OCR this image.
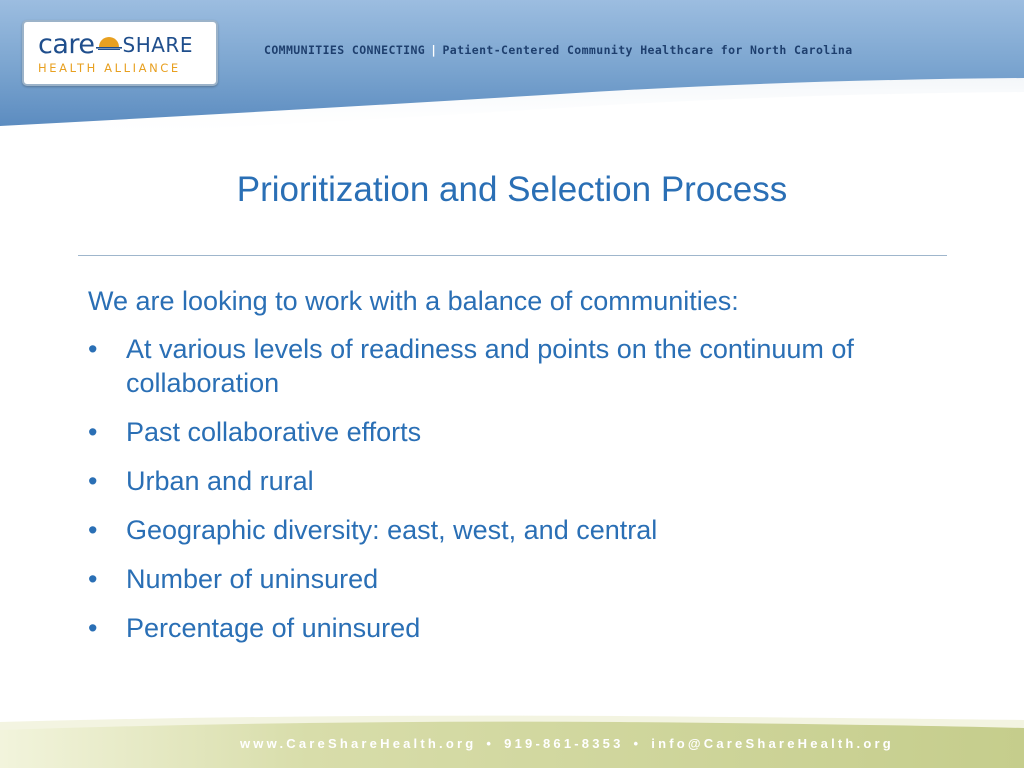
care SHARE
HEALTH ALLIANCE
COMMUNITIES CONNECTING | Patient-Centered Community Healthcare for North Carolina
Prioritization and Selection Process

We are looking to work with a balance of communities:

• At various levels of readiness and points on the continuum of collaboration
• Past collaborative efforts
• Urban and rural
• Geographic diversity: east, west, and central
• Number of uninsured
• Percentage of uninsured
www.CareShareHealth.org • 919-861-8353 • info@CareShareHealth.org
